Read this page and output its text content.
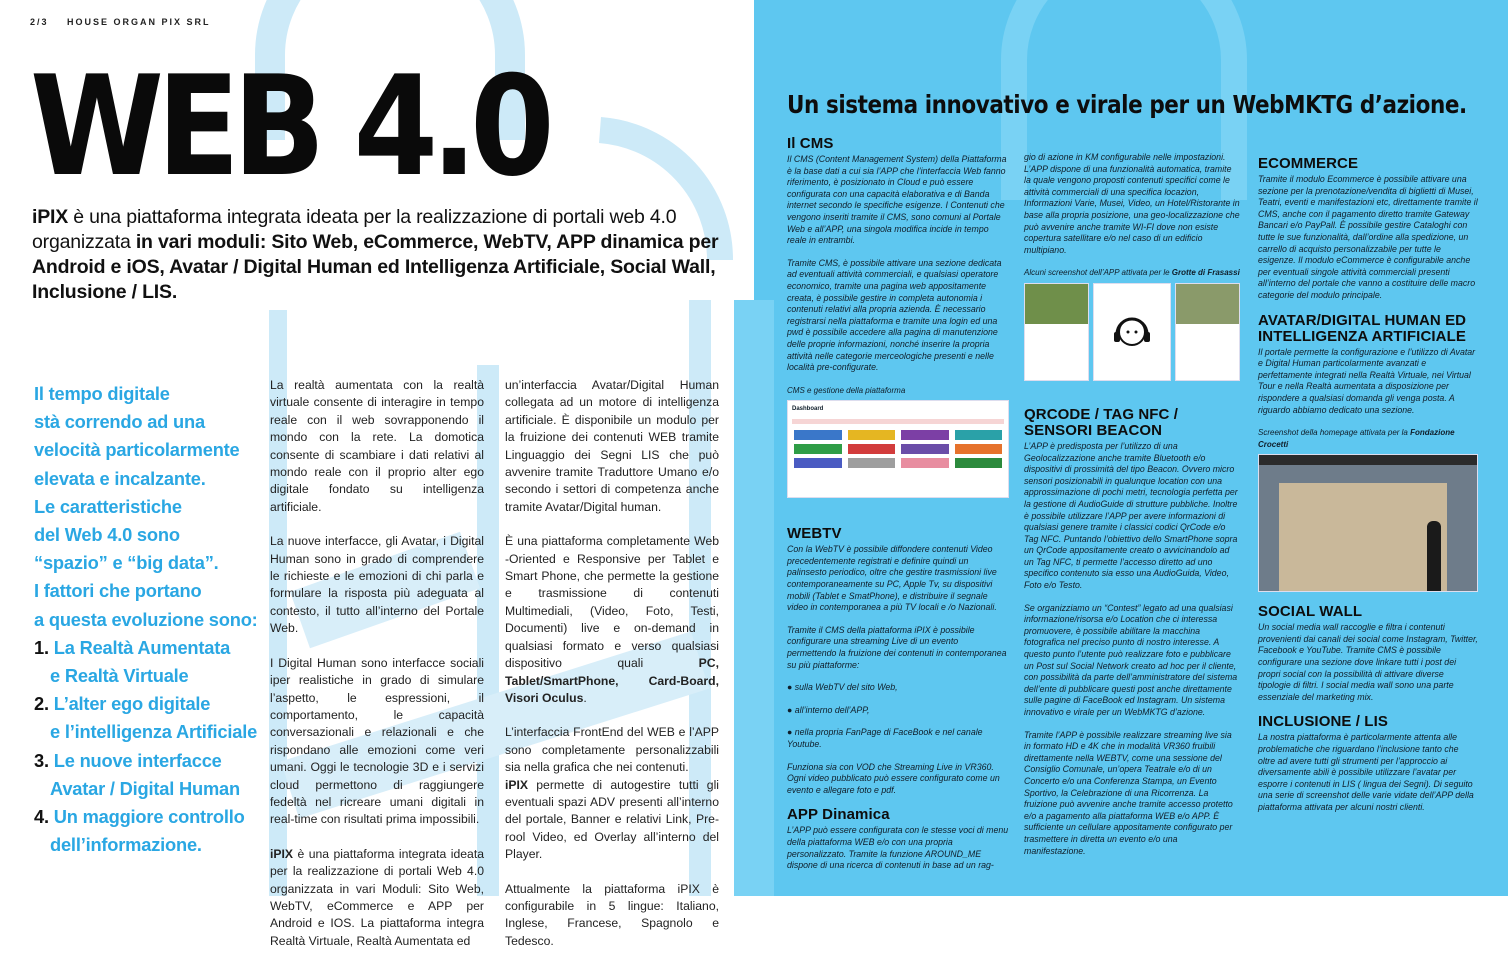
2/3 HOUSE ORGAN PIX SRL
WEB 4.0
iPIX è una piattaforma integrata ideata per la realizzazione di portali web 4.0 organizzata in vari moduli: Sito Web, eCommerce, WebTV, APP dinamica per Android e iOS, Avatar / Digital Human ed Intelligenza Artificiale, Social Wall, Inclusione / LIS.
Il tempo digitale
stà correndo ad una
velocità particolarmente
elevata e incalzante.
Le caratteristiche
del Web 4.0 sono
“spazio” e “big data”.
I fattori che portano
a questa evoluzione sono:
1. La Realtà Aumentata
e Realtà Virtuale
2. L’alter ego digitale
e l’intelligenza Artificiale
3. Le nuove interfacce
Avatar / Digital Human
4. Un maggiore controllo
dell’informazione.

La realtà aumentata con la realtà virtuale consente di interagire in tempo reale con il web sovrapponendo il mondo con la rete. La domotica consente di scambiare i dati relativi al mondo reale con il proprio alter ego digitale fondato su intelligenza artificiale.

La nuove interfacce, gli Avatar, i Digital Human sono in grado di comprendere le richieste e le emozioni di chi parla e formulare la risposta più adeguata al contesto, il tutto all’interno del Portale Web.

I Digital Human sono interfacce sociali iper realistiche in grado di simulare l’aspetto, le espressioni, il comportamento, le capacità conversazionali e relazionali e che rispondano alle emozioni come veri umani. Oggi le tecnologie 3D e i servizi cloud permettono di raggiungere fedeltà nel ricreare umani digitali in real-time con risultati prima impossibili.

iPIX è una piattaforma integrata ideata per la realizzazione di portali Web 4.0 organizzata in vari Moduli: Sito Web, WebTV, eCommerce e APP per Android e IOS. La piattaforma integra Realtà Virtuale, Realtà Aumentata ed

un’interfaccia Avatar/Digital Human collegata ad un motore di intelligenza artificiale. È disponibile un modulo per la fruizione dei contenuti WEB tramite Linguaggio dei Segni LIS che può avvenire tramite Traduttore Umano e/o secondo i settori di competenza anche tramite Avatar/Digital human.

È una piattaforma completamente Web -Oriented e Responsive per Tablet e Smart Phone, che permette la gestione e trasmissione di contenuti Multimediali, (Video, Foto, Testi, Documenti) live e on-demand in qualsiasi formato e verso qualsiasi dispositivo quali PC, Tablet/SmartPhone, Card-Board, Visori Oculus.

L’interfaccia FrontEnd del WEB e l’APP sono completamente personalizzabili sia nella grafica che nei contenuti.
iPIX permette di autogestire tutti gli eventuali spazi ADV presenti all’interno del portale, Banner e relativi Link, Pre-rool Video, ed Overlay all’interno del Player.

Attualmente la piattaforma iPIX è configurabile in 5 lingue: Italiano, Inglese, Francese, Spagnolo e Tedesco.

Un sistema innovativo e virale per un WebMKTG d’azione.
Il CMS

Il CMS (Content Management System) della Piattaforma è la base dati a cui sia l’APP che l’interfaccia Web fanno riferimento, è posizionato in Cloud e può essere configurata con una capacità elaborativa e di Banda internet secondo le specifiche esigenze. I Contenuti che vengono inseriti tramite il CMS, sono comuni al Portale Web e all’APP, una singola modifica incide in tempo reale in entrambi.

Tramite CMS, è possibile attivare una sezione dedicata ad eventuali attività commerciali, e qualsiasi operatore economico, tramite una pagina web appositamente creata, è possibile gestire in completa autonomia i contenuti relativi alla propria azienda. È necessario registrarsi nella piattaforma e tramite una login ed una pwd è possibile accedere alla pagina di manutenzione delle proprie informazioni, nonché inserire la propria attività nelle categorie merceologiche presenti e nelle località pre-configurate.

CMS e gestione della piattaforma
Dashboard
WEBTV

Con la WebTV è possibile diffondere contenuti Video precedentemente registrati e definire quindi un palinsesto periodico, oltre che gestire trasmissioni live contemporaneamente su PC, Apple Tv, su dispositivi mobili (Tablet e SmatPhone), e distribuire il segnale video in contemporanea a più TV locali e /o Nazionali.

Tramite il CMS della piattaforma iPIX è possibile configurare una streaming Live di un evento permettendo la fruizione dei contenuti in contemporanea su più piattaforme:

● sulla WebTV del sito Web,

● all’interno dell’APP,

● nella propria FanPage di FaceBook e nel canale Youtube.

Funziona sia con VOD che Streaming Live in VR360. Ogni video pubblicato può essere configurato come un evento e allegare foto e pdf.

APP Dinamica

L’APP può essere configurata con le stesse voci di menu della piattaforma WEB e/o con una propria personalizzato. Tramite la funzione AROUND_ME dispone di una ricerca di contenuti in base ad un rag-

gio di azione in KM configurabile nelle impostazioni. L’APP dispone di una funzionalità automatica, tramite la quale vengono proposti contenuti specifici come le attività commerciali di una specifica locazion, Informazioni Varie, Musei, Video, un Hotel/Ristorante in base alla propria posizione, una geo-localizzazione che può avvenire anche tramite WI-FI dove non esiste copertura satellitare e/o nel caso di un edificio multipiano.

Alcuni screenshot dell’APP attivata per le Grotte di Frasassi
QRCODE / TAG NFC / SENSORI BEACON

L’APP è predisposta per l’utilizzo di una Geolocalizzazione anche tramite Bluetooth e/o dispositivi di prossimità del tipo Beacon. Ovvero micro sensori posizionabili in qualunque location con una approssimazione di pochi metri, tecnologia perfetta per la gestione di AudioGuide di strutture pubbliche. Inoltre è possibile utilizzare l’APP per avere informazioni di qualsiasi genere tramite i classici codici QrCode e/o Tag NFC. Puntando l’obiettivo dello SmartPhone sopra un QrCode appositamente creato o avvicinandolo ad un Tag NFC, ti permette l’accesso diretto ad uno specifico contenuto sia esso una AudioGuida, Video, Foto e/o Testo.

Se organizziamo un “Contest” legato ad una qualsiasi informazione/risorsa e/o Location che ci interessa promuovere, è possibile abilitare la macchina fotografica nel preciso punto di nostro interesse. A questo punto l’utente può realizzare foto e pubblicare un Post sul Social Network creato ad hoc per il cliente, con possibilità da parte dell’amministratore del sistema dell’ente di pubblicare questi post anche direttamente sulle pagine di FaceBook ed Instagram. Un sistema innovativo e virale per un WebMKTG d’azione.

Tramite l’APP è possibile realizzare streaming live sia in formato HD e 4K che in modalità VR360 fruibili direttamente nella WEBTV, come una sessione del Consiglio Comunale, un’opera Teatrale e/o di un Concerto e/o una Conferenza Stampa, un Evento Sportivo, la Celebrazione di una Ricorrenza. La fruizione può avvenire anche tramite accesso protetto e/o a pagamento alla piattaforma WEB e/o APP. È sufficiente un cellulare appositamente configurato per trasmettere in diretta un evento e/o una manifestazione.

ECOMMERCE

Tramite il modulo Ecommerce è possibile attivare una sezione per la prenotazione/vendita di biglietti di Musei, Teatri, eventi e manifestazioni etc, direttamente tramite il CMS, anche con il pagamento diretto tramite Gateway Bancari e/o PayPall. È possibile gestire Cataloghi con tutte le sue funzionalità, dall’ordine alla spedizione, un carrello di acquisto personalizzabile per tutte le esigenze. Il modulo eCommerce è configurabile anche per eventuali singole attività commerciali presenti all’interno del portale che vanno a costituire delle macro categorie del modulo principale.

AVATAR/DIGITAL HUMAN ED INTELLIGENZA ARTIFICIALE

Il portale permette la configurazione e l’utilizzo di Avatar e Digital Human particolarmente avanzati e perfettamente integrati nella Realtà Virtuale, nei Virtual Tour e nella Realtà aumentata a disposizione per rispondere a qualsiasi domanda gli venga posta. A riguardo abbiamo dedicato una sezione.

Screenshot della homepage attivata per la Fondazione Crocetti
SOCIAL WALL

Un social media wall raccoglie e filtra i contenuti provenienti dai canali dei social come Instagram, Twitter, Facebook e YouTube. Tramite CMS è possibile configurare una sezione dove linkare tutti i post dei propri social con la possibilità di attivare diverse tipologie di filtri. I social media wall sono una parte essenziale del marketing mix.

INCLUSIONE / LIS

La nostra piattaforma è particolarmente attenta alle problematiche che riguardano l’inclusione tanto che oltre ad avere tutti gli strumenti per l’approccio ai diversamente abili è possibile utilizzare l’avatar per esporre i contenuti in LIS ( lingua dei Segni). Di seguito una serie di screenshot delle varie vidate dell’APP della piattaforma attivata per alcuni nostri clienti.
